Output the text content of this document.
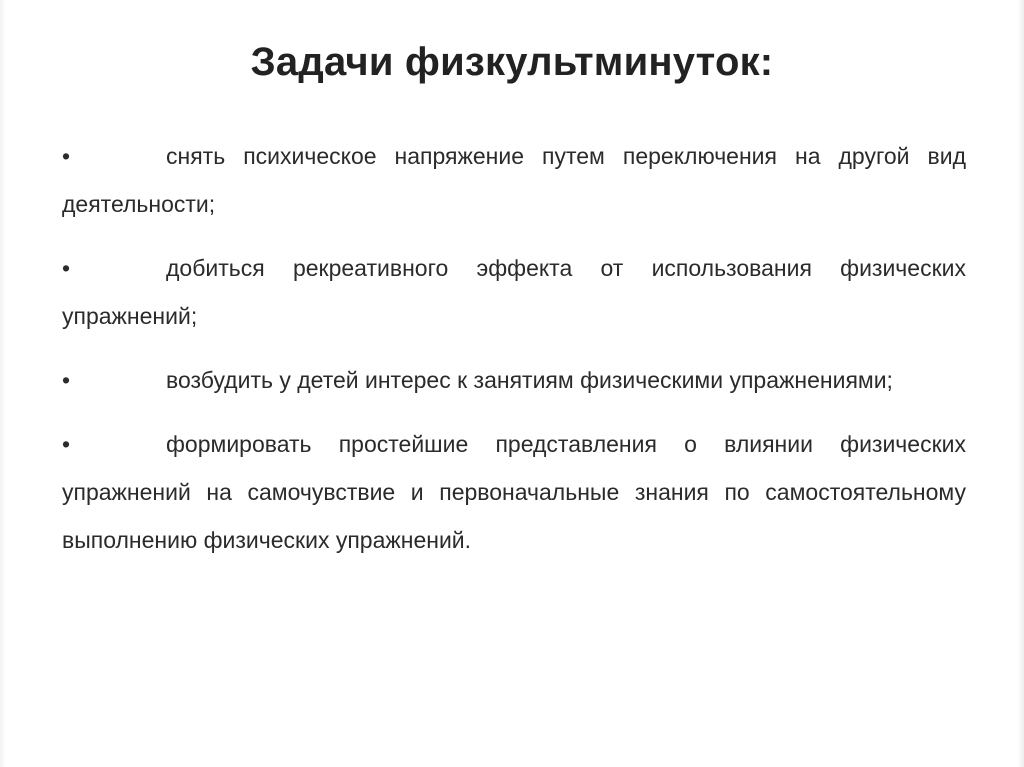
Задачи физкультминуток:
•	снять психическое напряжение путем переключения на другой вид деятельности;
•	добиться рекреативного эффекта от использования физических упражнений;
•	возбудить у детей интерес к занятиям физическими упражнениями;
•	формировать простейшие представления о влиянии физических упражнений на самочувствие и первоначальные знания по самостоятельному выполнению физических упражнений.
